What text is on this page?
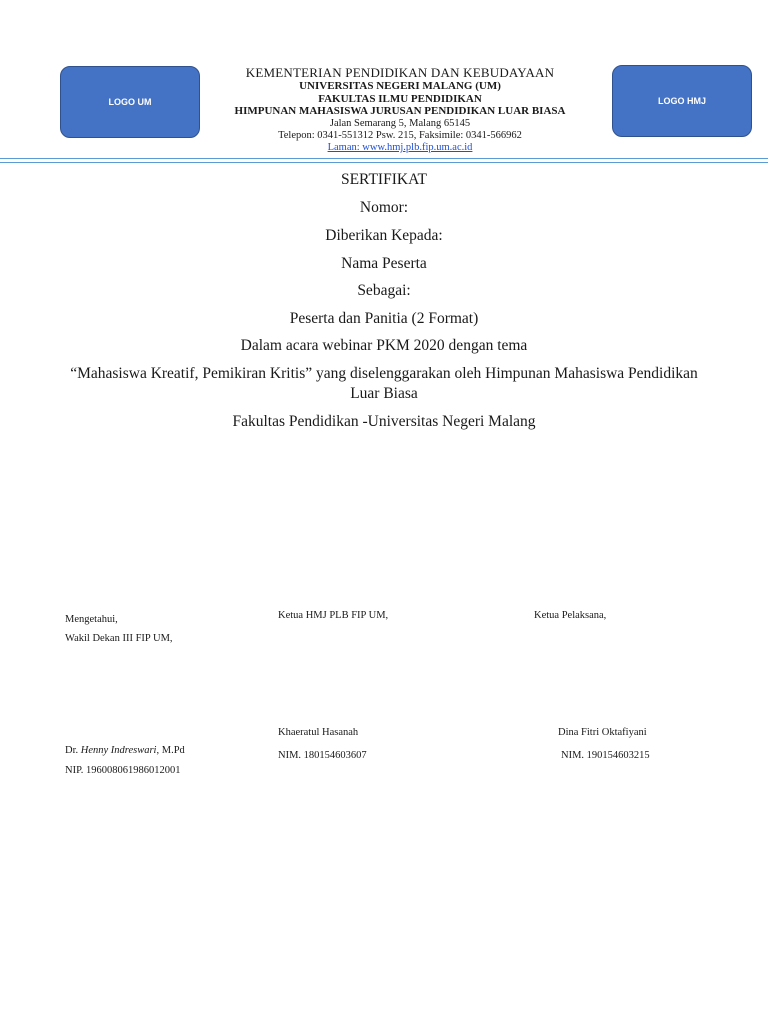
LOGO UM	LOGO HMJ
KEMENTERIAN PENDIDIKAN DAN KEBUDAYAAN
UNIVERSITAS NEGERI MALANG (UM)
FAKULTAS ILMU PENDIDIKAN
HIMPUNAN MAHASISWA JURUSAN PENDIDIKAN LUAR BIASA
Jalan Semarang 5, Malang 65145
Telepon: 0341-551312 Psw. 215, Faksimile: 0341-566962
Laman: www.hmj.plb.fip.um.ac.id
SERTIFIKAT
Nomor:
Diberikan Kepada:
Nama Peserta
Sebagai:
Peserta dan Panitia (2 Format)
Dalam acara webinar PKM 2020 dengan tema
“Mahasiswa Kreatif, Pemikiran Kritis” yang diselenggarakan oleh Himpunan Mahasiswa Pendidikan Luar Biasa
Fakultas Pendidikan -Universitas Negeri Malang
Mengetahui,
Wakil Dekan III FIP UM,
Ketua HMJ PLB FIP UM,	Ketua Pelaksana,
Khaeratul Hasanah	Dina Fitri Oktafiyani
Dr. Henny Indreswari, M.Pd	NIM. 180154603607	NIM. 190154603215
NIP. 196008061986012001
